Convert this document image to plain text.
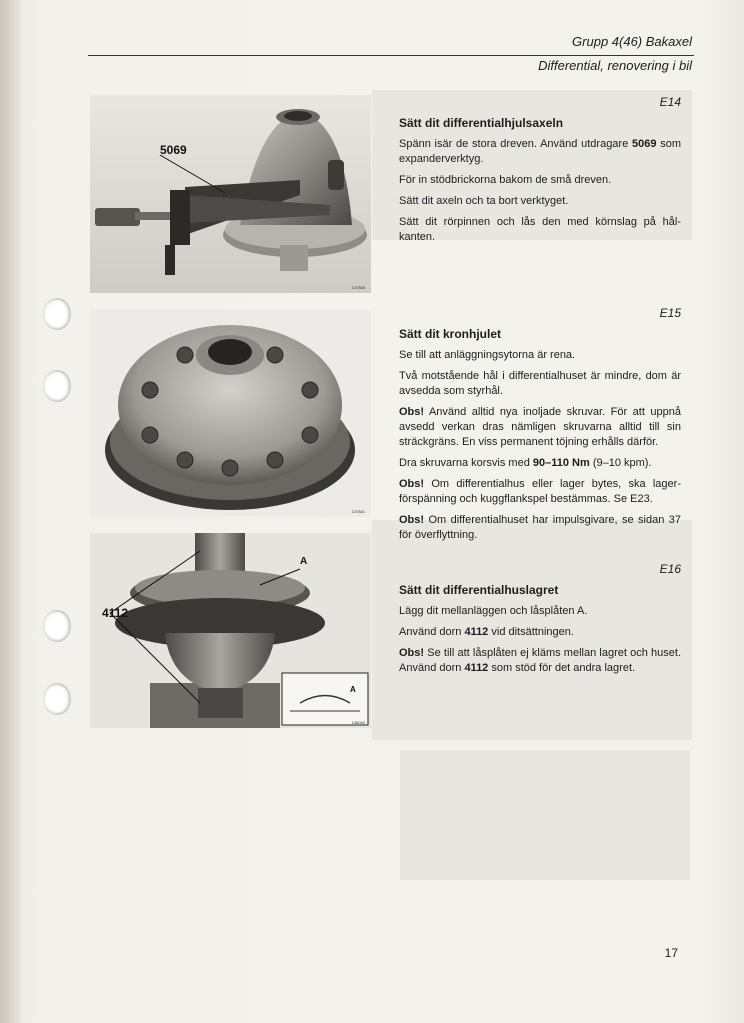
Grupp 4(46) Bakaxel
Differential, renovering i bil
5069
137858
137841
4112
A
A
138040
E14
Sätt dit differentialhjulsaxeln

Spänn isär de stora dreven. Använd utdragare 5069 som expanderverktyg.

För in stödbrickorna bakom de små dreven.

Sätt dit axeln och ta bort verktyget.

Sätt dit rörpinnen och lås den med körnslag på hål-kanten.

E15
Sätt dit kronhjulet

Se till att anläggningsytorna är rena.

Två motstående hål i differentialhuset är mindre, dom är avsedda som styrhål.

Obs! Använd alltid nya inoljade skruvar. För att uppnå avsedd verkan dras nämligen skruvarna alltid till sin sträckgräns. En viss permanent töjning erhålls därför.

Dra skruvarna korsvis med 90–110 Nm (9–10 kpm).

Obs! Om differentialhus eller lager bytes, ska lager-förspänning och kuggflankspel bestämmas. Se E23.

Obs! Om differentialhuset har impulsgivare, se sidan 37 för överflyttning.

E16
Sätt dit differentialhuslagret

Lägg dit mellanläggen och låsplåten A.

Använd dorn 4112 vid ditsättningen.

Obs! Se till att låsplåten ej kläms mellan lagret och huset. Använd dorn 4112 som stöd för det andra lagret.

17
